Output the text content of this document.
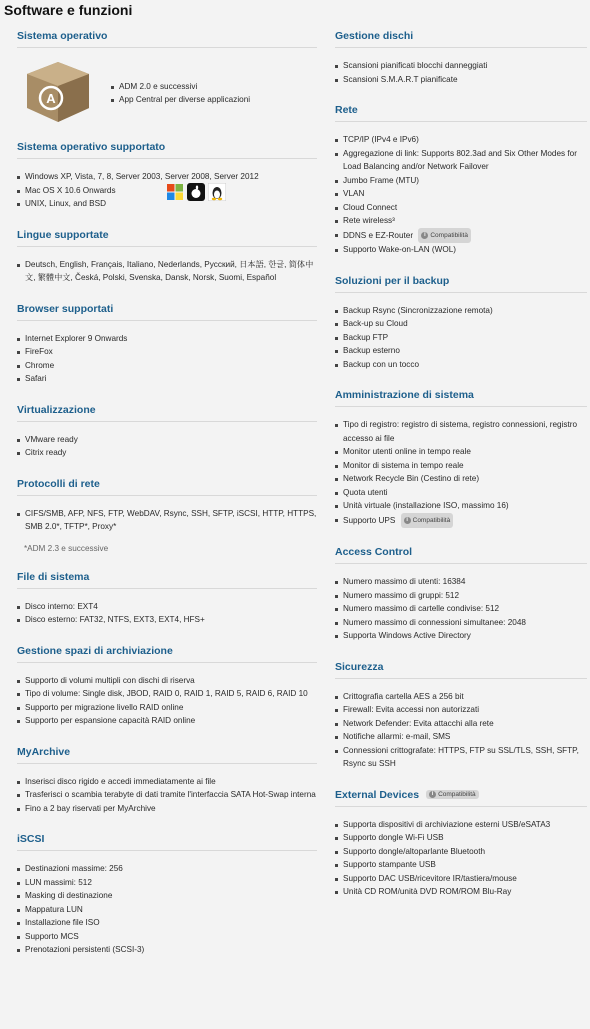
Software e funzioni
Sistema operativo
A
ADM 2.0 e successivi
App Central per diverse applicazioni
Sistema operativo supportato
Windows XP, Vista, 7, 8, Server 2003, Server 2008, Server 2012
Mac OS X 10.6 Onwards
UNIX, Linux, and BSD
Lingue supportate
Deutsch, English, Français, Italiano, Nederlands, Русский, 日本語, 한글, 简体中文, 繁體中文, Česká, Polski, Svenska, Dansk, Norsk, Suomi, Español
Browser supportati
Internet Explorer 9 Onwards
FireFox
Chrome
Safari
Virtualizzazione
VMware ready
Citrix ready
Protocolli di rete
CIFS/SMB, AFP, NFS, FTP, WebDAV, Rsync, SSH, SFTP, iSCSI, HTTP, HTTPS, SMB 2.0*, TFTP*, Proxy*
*ADM 2.3 e successive
File di sistema
Disco interno: EXT4
Disco esterno: FAT32, NTFS, EXT3, EXT4, HFS+
Gestione spazi di archiviazione
Supporto di volumi multipli con dischi di riserva
Tipo di volume: Single disk, JBOD, RAID 0, RAID 1, RAID 5, RAID 6, RAID 10
Supporto per migrazione livello RAID online
Supporto per espansione capacità RAID online
MyArchive
Inserisci disco rigido e accedi immediatamente ai file
Trasferisci o scambia terabyte di dati tramite l'interfaccia SATA Hot-Swap interna
Fino a 2 bay riservati per MyArchive
iSCSI
Destinazioni massime: 256
LUN massimi: 512
Masking di destinazione
Mappatura LUN
Installazione file ISO
Supporto MCS
Prenotazioni persistenti (SCSI-3)
Gestione dischi
Scansioni pianificati blocchi danneggiati
Scansioni S.M.A.R.T pianificate
Rete
TCP/IP (IPv4 e IPv6)
Aggregazione di link: Supports 802.3ad and Six Other Modes for Load Balancing and/or Network Failover
Jumbo Frame (MTU)
VLAN
Cloud Connect
Rete wireless³
DDNS e EZ-Router	i Compatibilità
Supporto Wake-on-LAN (WOL)
Soluzioni per il backup
Backup Rsync (Sincronizzazione remota)
Back-up su Cloud
Backup FTP
Backup esterno
Backup con un tocco
Amministrazione di sistema
Tipo di registro: registro di sistema, registro connessioni, registro accesso ai file
Monitor utenti online in tempo reale
Monitor di sistema in tempo reale
Network Recycle Bin (Cestino di rete)
Quota utenti
Unità virtuale (installazione ISO, massimo 16)
Supporto UPS	i Compatibilità
Access Control
Numero massimo di utenti: 16384
Numero massimo di gruppi: 512
Numero massimo di cartelle condivise: 512
Numero massimo di connessioni simultanee: 2048
Supporta Windows Active Directory
Sicurezza
Crittografia cartella AES a 256 bit
Firewall: Evita accessi non autorizzati
Network Defender: Evita attacchi alla rete
Notifiche allarmi: e-mail, SMS
Connessioni crittografate: HTTPS, FTP su SSL/TLS, SSH, SFTP, Rsync su SSH
External Devices	i Compatibilità
Supporta dispositivi di archiviazione esterni USB/eSATA3
Supporto dongle Wi-Fi USB
Supporto dongle/altoparlante Bluetooth
Supporto stampante USB
Supporto DAC USB/ricevitore IR/tastiera/mouse
Unità CD ROM/unità DVD ROM/ROM Blu-Ray
